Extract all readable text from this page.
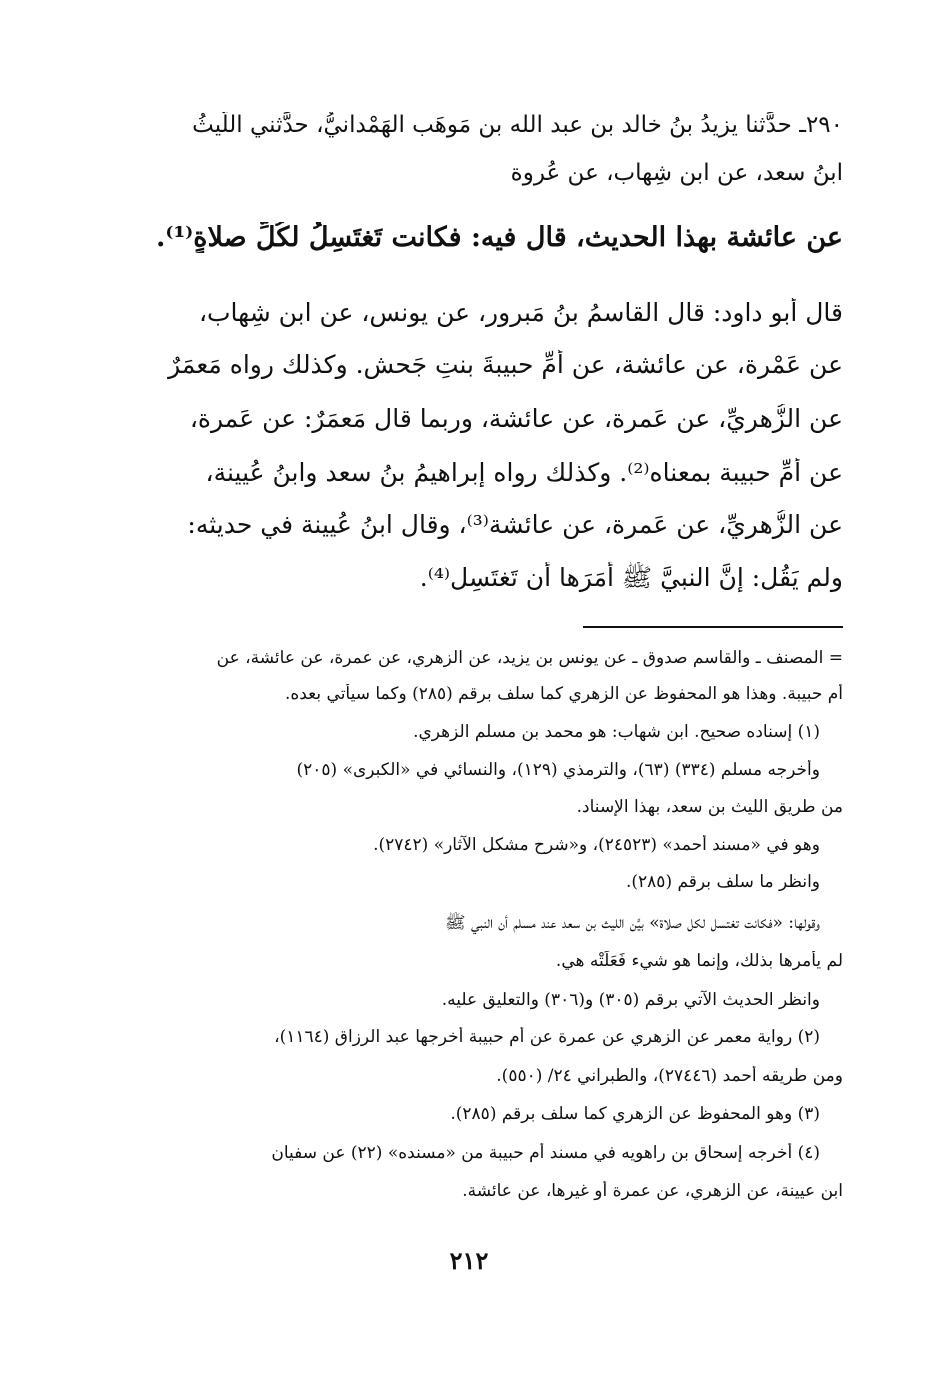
٢٩٠ـ حدَّثنا يزيدُ بنُ خالد بن عبد الله بن مَوهَب الهَمْدانيُّ، حدَّثني اللَّيثُ
ابنُ سعد، عن ابن شِهاب، عن عُروة
عن عائشة بهذا الحديث، قال فيه: فكانت تَغتَسِلُ لكُلِّ صلاةٍ⁽¹⁾.
قال أبو داود: قال القاسمُ بنُ مَبرور، عن يونس، عن ابن شِهاب،
عن عَمْرة، عن عائشة، عن أُمِّ حبيبةَ بنتِ جَحش. وكذلك رواه مَعمَرٌ
عن الزُّهريِّ، عن عَمرة، عن عائشة، وربما قال مَعمَرٌ: عن عَمرة،
عن أُمِّ حبيبة بمعناه⁽²⁾. وكذلك رواه إبراهيمُ بنُ سعد وابنُ عُيينة،
عن الزُّهريِّ، عن عَمرة، عن عائشة⁽³⁾، وقال ابنُ عُيينة في حديثه:
ولم يَقُل: إنَّ النبيَّ ﷺ أمَرَها أن تَغتَسِل⁽⁴⁾.
= المصنف ـ والقاسم صدوق ـ عن يونس بن يزيد، عن الزهري، عن عمرة، عن عائشة، عن
أم حبيبة. وهذا هو المحفوظ عن الزهري كما سلف برقم (٢٨٥) وكما سيأتي بعده.
(١) إسناده صحيح. ابن شهاب: هو محمد بن مسلم الزهري.
وأخرجه مسلم (٣٣٤) (٦٣)، والترمذي (١٢٩)، والنسائي في «الكبرى» (٢٠٥)
من طريق الليث بن سعد، بهذا الإسناد.
وهو في «مسند أحمد» (٢٤٥٢٣)، و«شرح مشكل الآثار» (٢٧٤٢).
وانظر ما سلف برقم (٢٨٥).
وقولها: «فكانت تغتسل لكل صلاة» بيَّن الليث بن سعد عند مسلم أن النبي ﷺ
لم يأمرها بذلك، وإنما هو شيء فَعَلَتْه هي.
وانظر الحديث الآتي برقم (٣٠٥) و(٣٠٦) والتعليق عليه.
(٢) رواية معمر عن الزهري عن عمرة عن أم حبيبة أخرجها عبد الرزاق (١١٦٤)،
ومن طريقه أحمد (٢٧٤٤٦)، والطبراني ٢٤/ (٥٥٠).
(٣) وهو المحفوظ عن الزهري كما سلف برقم (٢٨٥).
(٤) أخرجه إسحاق بن راهويه في مسند أم حبيبة من «مسنده» (٢٢) عن سفيان
ابن عيينة، عن الزهري، عن عمرة أو غيرها، عن عائشة.
٢١٢
